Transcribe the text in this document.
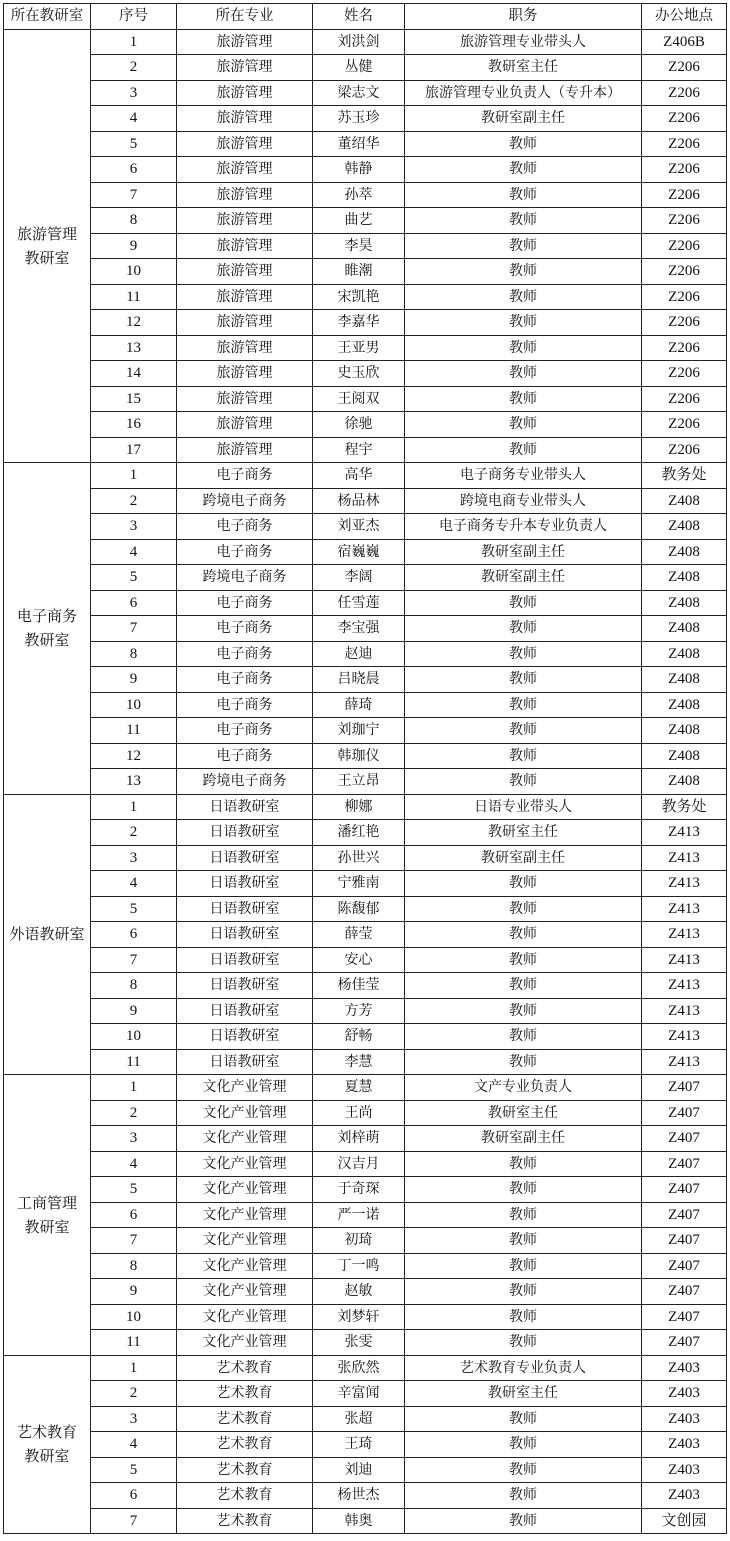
所在教研室	序号	所在专业	姓名	职务	办公地点

旅游管理
教研室	1	旅游管理	刘洪剑	旅游管理专业带头人	Z406B
	2	旅游管理	丛健	教研室主任	Z206
	3	旅游管理	梁志文	旅游管理专业负责人（专升本）	Z206
	4	旅游管理	苏玉珍	教研室副主任	Z206
	5	旅游管理	董绍华	教师	Z206
	6	旅游管理	韩静	教师	Z206
	7	旅游管理	孙萃	教师	Z206
	8	旅游管理	曲艺	教师	Z206
	9	旅游管理	李昊	教师	Z206
	10	旅游管理	睢潮	教师	Z206
	11	旅游管理	宋凯艳	教师	Z206
	12	旅游管理	李嘉华	教师	Z206
	13	旅游管理	王亚男	教师	Z206
	14	旅游管理	史玉欣	教师	Z206
	15	旅游管理	王阅双	教师	Z206
	16	旅游管理	徐驰	教师	Z206
	17	旅游管理	程宇	教师	Z206

电子商务
教研室	1	电子商务	高华	电子商务专业带头人	教务处
	2	跨境电子商务	杨品林	跨境电商专业带头人	Z408
	3	电子商务	刘亚杰	电子商务专升本专业负责人	Z408
	4	电子商务	宿巍巍	教研室副主任	Z408
	5	跨境电子商务	李阔	教研室副主任	Z408
	6	电子商务	任雪莲	教师	Z408
	7	电子商务	李宝强	教师	Z408
	8	电子商务	赵迪	教师	Z408
	9	电子商务	吕晓晨	教师	Z408
	10	电子商务	薛琦	教师	Z408
	11	电子商务	刘珈宁	教师	Z408
	12	电子商务	韩珈仪	教师	Z408
	13	跨境电子商务	王立昂	教师	Z408

外语教研室	1	日语教研室	柳娜	日语专业带头人	教务处
	2	日语教研室	潘红艳	教研室主任	Z413
	3	日语教研室	孙世兴	教研室副主任	Z413
	4	日语教研室	宁雅南	教师	Z413
	5	日语教研室	陈馥郁	教师	Z413
	6	日语教研室	薛莹	教师	Z413
	7	日语教研室	安心	教师	Z413
	8	日语教研室	杨佳莹	教师	Z413
	9	日语教研室	方芳	教师	Z413
	10	日语教研室	舒畅	教师	Z413
	11	日语教研室	李慧	教师	Z413

工商管理
教研室	1	文化产业管理	夏慧	文产专业负责人	Z407
	2	文化产业管理	王尚	教研室主任	Z407
	3	文化产业管理	刘梓萌	教研室副主任	Z407
	4	文化产业管理	汉吉月	教师	Z407
	5	文化产业管理	于奇琛	教师	Z407
	6	文化产业管理	严一诺	教师	Z407
	7	文化产业管理	初琦	教师	Z407
	8	文化产业管理	丁一鸣	教师	Z407
	9	文化产业管理	赵敏	教师	Z407
	10	文化产业管理	刘梦轩	教师	Z407
	11	文化产业管理	张雯	教师	Z407

艺术教育
教研室	1	艺术教育	张欣然	艺术教育专业负责人	Z403
	2	艺术教育	辛富闻	教研室主任	Z403
	3	艺术教育	张超	教师	Z403
	4	艺术教育	王琦	教师	Z403
	5	艺术教育	刘迪	教师	Z403
	6	艺术教育	杨世杰	教师	Z403
	7	艺术教育	韩奥	教师	文创园
